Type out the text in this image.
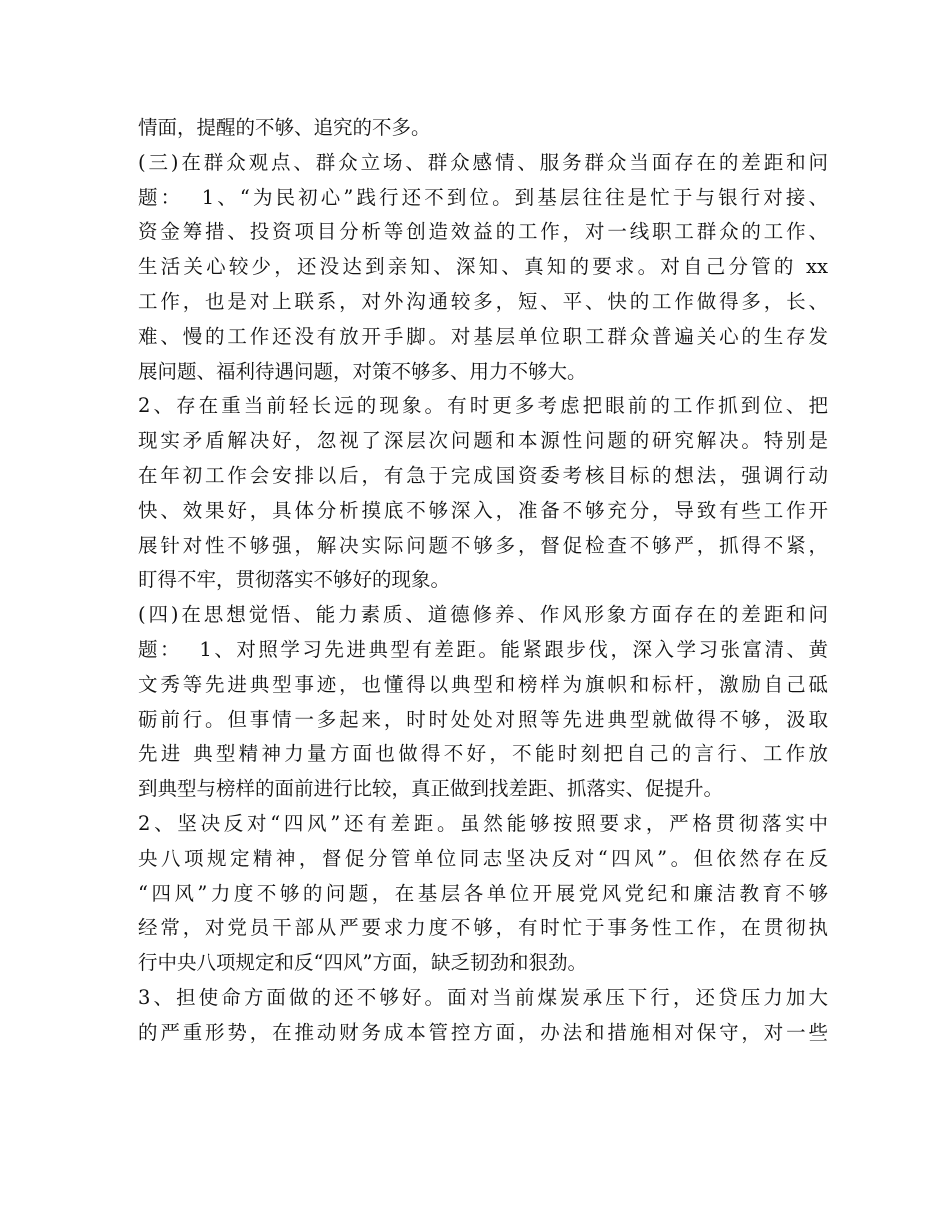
情面，提醒的不够、追究的不多。
(三)在群众观点、群众立场、群众感情、服务群众当面存在的差距和问
题：  1、“为民初心”践行还不到位。到基层往往是忙于与银行对接、
资金筹措、投资项目分析等创造效益的工作，对一线职工群众的工作、
生活关心较少，还没达到亲知、深知、真知的要求。对自己分管的 xx
工作，也是对上联系，对外沟通较多，短、平、快的工作做得多，长、
难、慢的工作还没有放开手脚。对基层单位职工群众普遍关心的生存发
展问题、福利待遇问题，对策不够多、用力不够大。
2、存在重当前轻长远的现象。有时更多考虑把眼前的工作抓到位、把
现实矛盾解决好，忽视了深层次问题和本源性问题的研究解决。特别是
在年初工作会安排以后，有急于完成国资委考核目标的想法，强调行动
快、效果好，具体分析摸底不够深入，准备不够充分，导致有些工作开
展针对性不够强，解决实际问题不够多，督促检查不够严，抓得不紧，
盯得不牢，贯彻落实不够好的现象。
(四)在思想觉悟、能力素质、道德修养、作风形象方面存在的差距和问
题：  1、对照学习先进典型有差距。能紧跟步伐，深入学习张富清、黄
文秀等先进典型事迹，也懂得以典型和榜样为旗帜和标杆，激励自己砥
砺前行。但事情一多起来，时时处处对照等先进典型就做得不够，汲取
先进 典型精神力量方面也做得不好，不能时刻把自己的言行、工作放
到典型与榜样的面前进行比较，真正做到找差距、抓落实、促提升。
2、坚决反对“四风”还有差距。虽然能够按照要求，严格贯彻落实中
央八项规定精神，督促分管单位同志坚决反对“四风”。但依然存在反
“四风”力度不够的问题，在基层各单位开展党风党纪和廉洁教育不够
经常，对党员干部从严要求力度不够，有时忙于事务性工作，在贯彻执
行中央八项规定和反“四风”方面，缺乏韧劲和狠劲。
3、担使命方面做的还不够好。面对当前煤炭承压下行，还贷压力加大
的严重形势，在推动财务成本管控方面，办法和措施相对保守，对一些
